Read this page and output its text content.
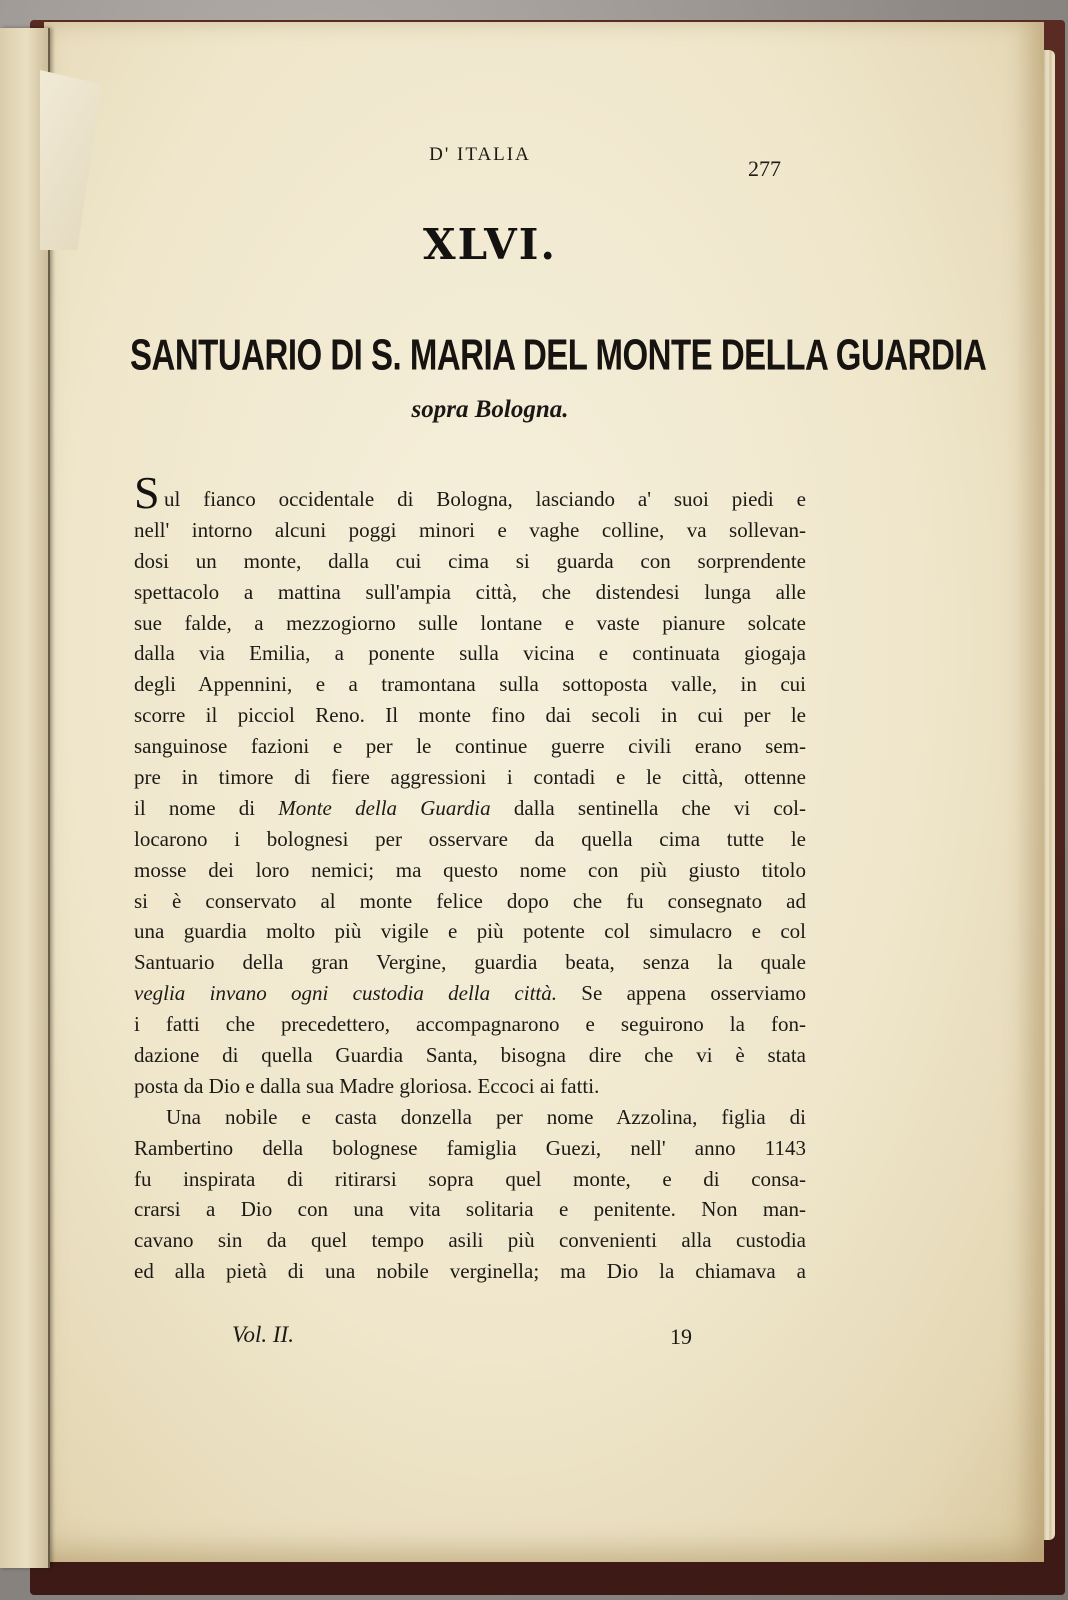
D' ITALIA
277
XLVI.
SANTUARIO DI S. MARIA DEL MONTE DELLA GUARDIA
sopra Bologna.
S ul fianco occidentale di Bologna, lasciando a' suoi piedi e
nell' intorno alcuni poggi minori e vaghe colline, va sollevan-
dosi un monte, dalla cui cima si guarda con sorprendente
spettacolo a mattina sull'ampia città, che distendesi lunga alle
sue falde, a mezzogiorno sulle lontane e vaste pianure solcate
dalla via Emilia, a ponente sulla vicina e continuata giogaja
degli Appennini, e a tramontana sulla sottoposta valle, in cui
scorre il picciol Reno. Il monte fino dai secoli in cui per le
sanguinose fazioni e per le continue guerre civili erano sem-
pre in timore di fiere aggressioni i contadi e le città, ottenne
il nome di Monte della Guardia dalla sentinella che vi col-
locarono i bolognesi per osservare da quella cima tutte le
mosse dei loro nemici; ma questo nome con più giusto titolo
si è conservato al monte felice dopo che fu consegnato ad
una guardia molto più vigile e più potente col simulacro e col
Santuario della gran Vergine, guardia beata, senza la quale
veglia invano ogni custodia della città. Se appena osserviamo
i fatti che precedettero, accompagnarono e seguirono la fon-
dazione di quella Guardia Santa, bisogna dire che vi è stata
posta da Dio e dalla sua Madre gloriosa. Eccoci ai fatti.
Una nobile e casta donzella per nome Azzolina, figlia di
Rambertino della bolognese famiglia Guezi, nell' anno 1143
fu inspirata di ritirarsi sopra quel monte, e di consa-
crarsi a Dio con una vita solitaria e penitente. Non man-
cavano sin da quel tempo asili più convenienti alla custodia
ed alla pietà di una nobile verginella; ma Dio la chiamava a
Vol. II.	19
